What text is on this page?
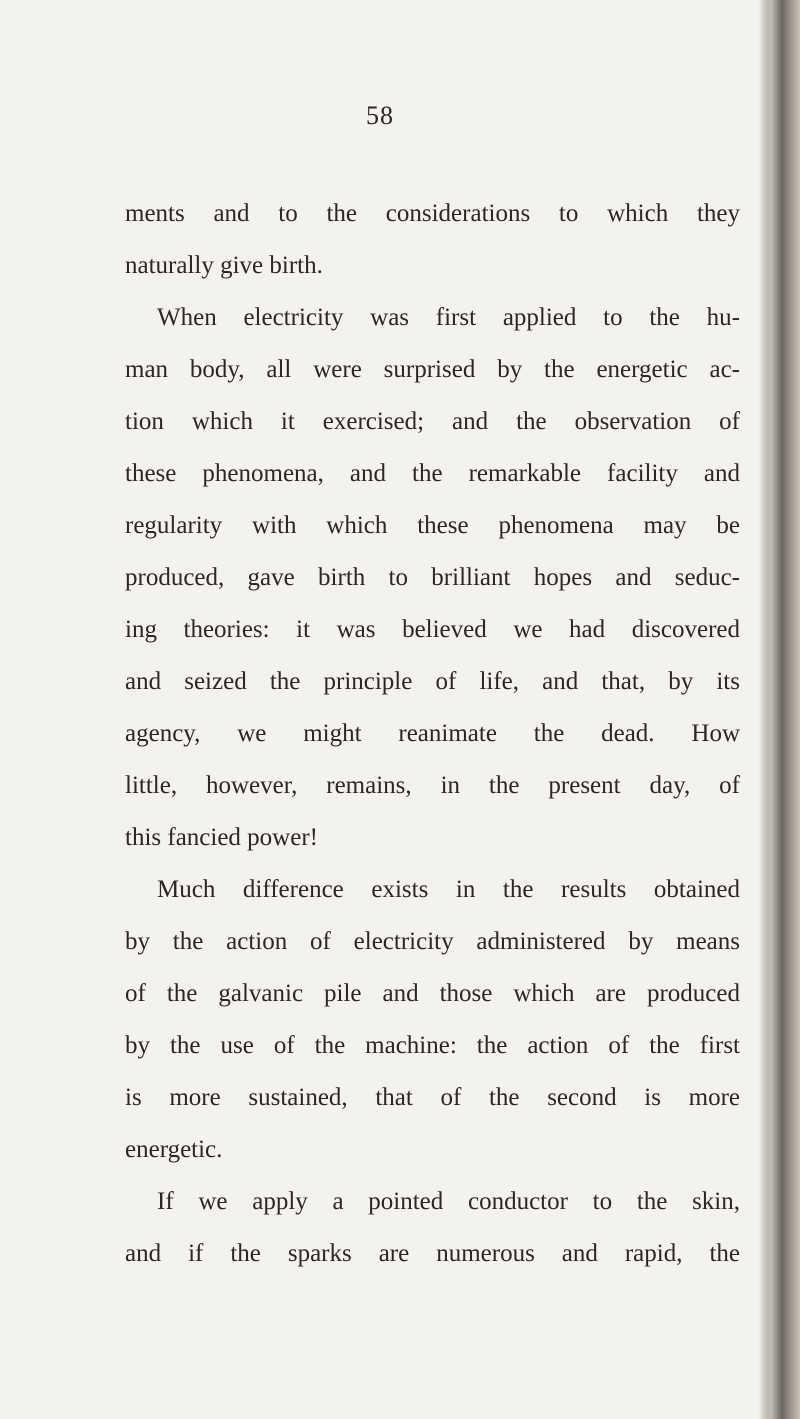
58
ments and to the considerations to which they
naturally give birth.
When electricity was first applied to the hu-
man body, all were surprised by the energetic ac-
tion which it exercised; and the observation of
these phenomena, and the remarkable facility and
regularity with which these phenomena may be
produced, gave birth to brilliant hopes and seduc-
ing theories: it was believed we had discovered
and seized the principle of life, and that, by its
agency, we might reanimate the dead. How
little, however, remains, in the present day, of
this fancied power!
Much difference exists in the results obtained
by the action of electricity administered by means
of the galvanic pile and those which are produced
by the use of the machine: the action of the first
is more sustained, that of the second is more
energetic.
If we apply a pointed conductor to the skin,
and if the sparks are numerous and rapid, the
